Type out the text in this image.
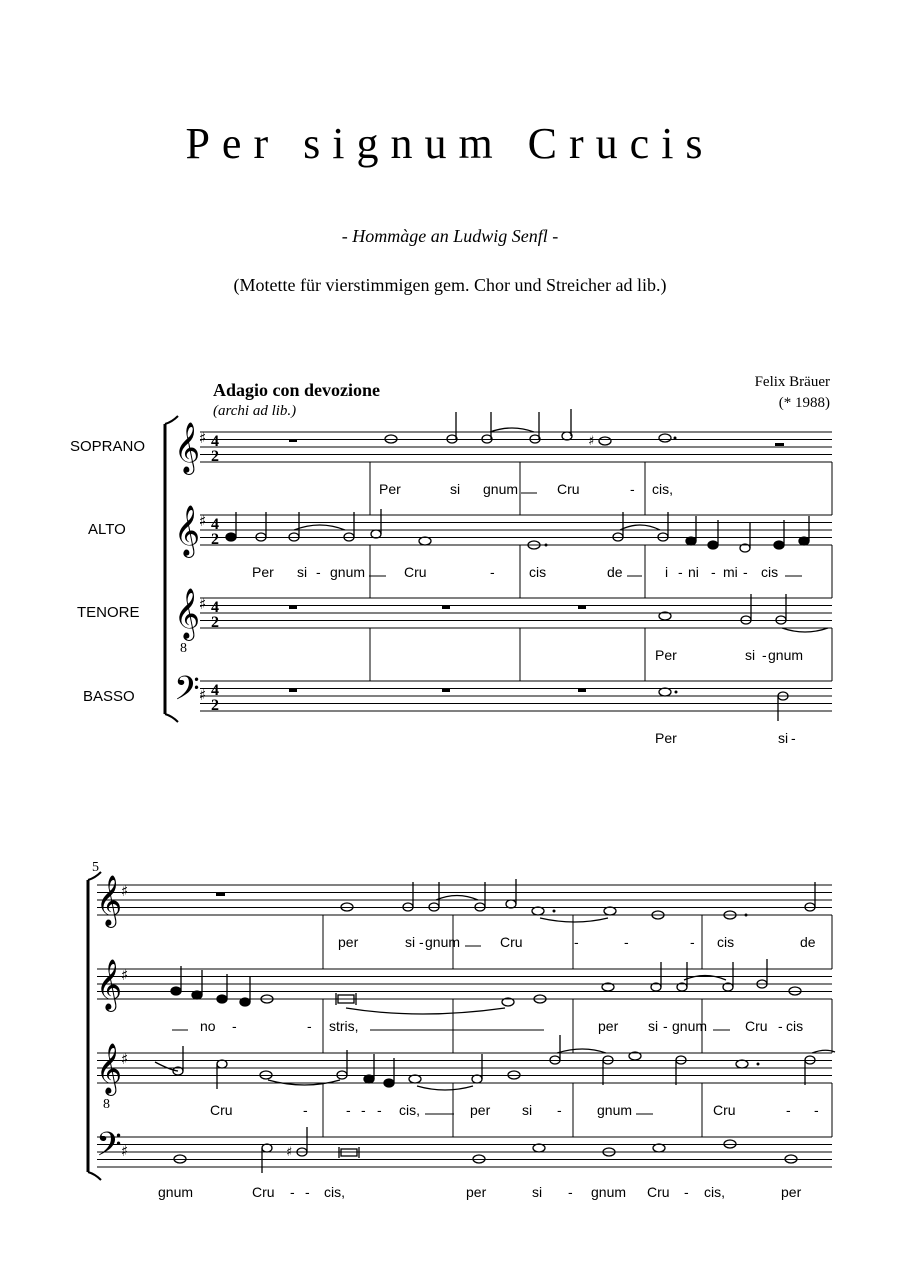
Per signum Crucis
- Hommàge an Ludwig Senfl -
(Motette für vierstimmigen gem. Chor und Streicher ad lib.)
Adagio con devozione
(archi ad lib.)
Felix Bräuer
(* 1988)
SOPRANO
ALTO
TENORE
BASSO
𝄞
𝄞
𝄞
𝄢
♯
♯
♯
♯
4
2
4
2
4
2
4
2
8
♯
Per	si gnum	Cru	- cis,
Per si - gnum	Cru	- cis	de	i - ni - mi - cis
Per	si - gnum
Per	si -
5
𝄞
𝄞
𝄞
𝄢
♯
♯
♯
♯
8
♯
per	si - gnum	Cru	-	-	- cis	de
no -	- stris,	per si - gnum	Cru - cis
Cru	-	- - - cis,	per si -	gnum	Cru	- -
gnum	Cru - - cis,	per	si - gnum Cru - cis,	per
